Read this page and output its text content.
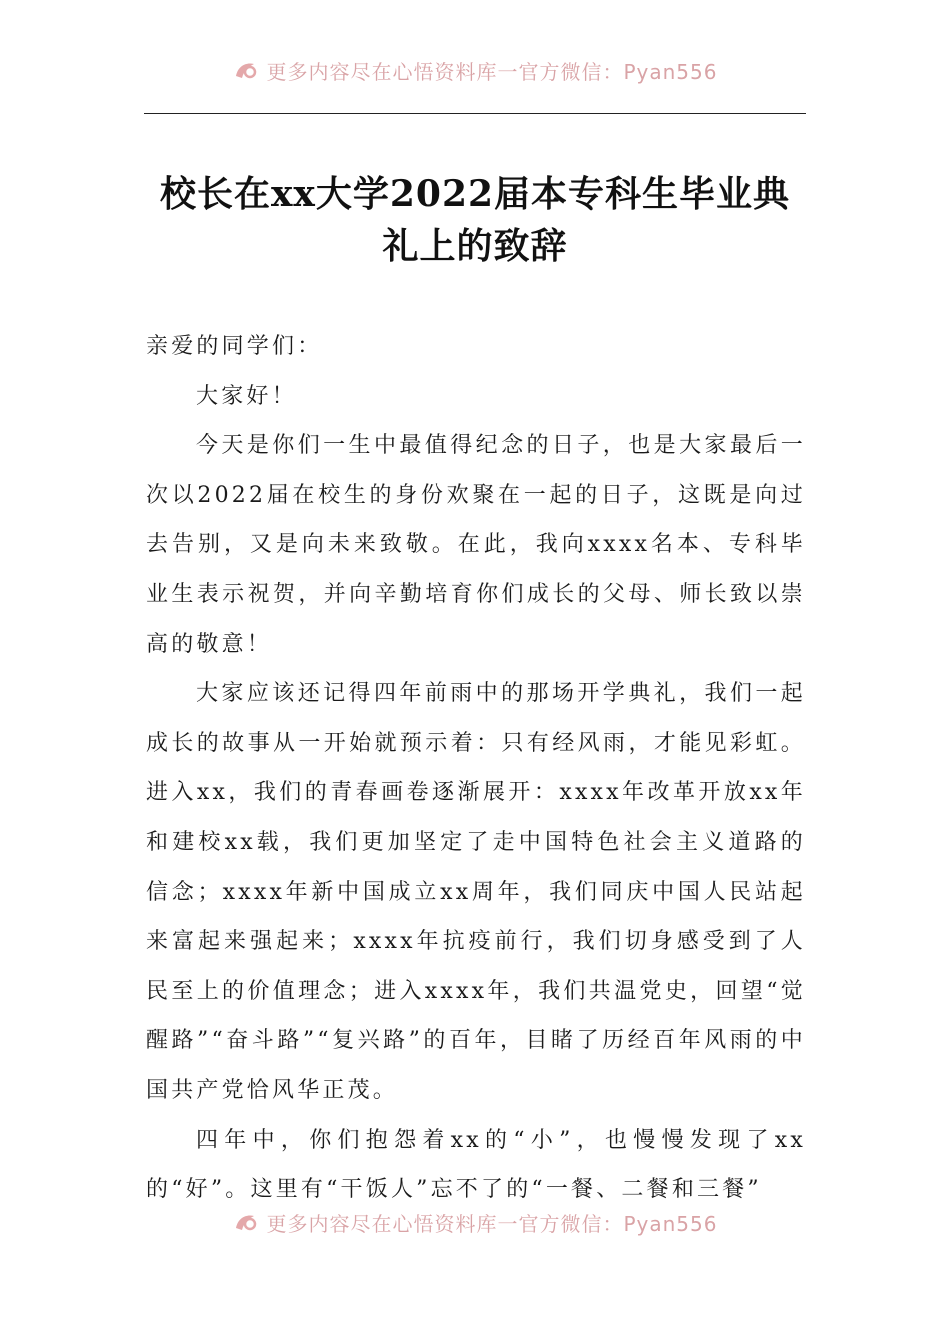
更多内容尽在心悟资料库一官方微信：Pyan556
校长在xx大学2022届本专科生毕业典礼上的致辞

亲爱的同学们：

大家好！

今天是你们一生中最值得纪念的日子，也是大家最后一次以2022届在校生的身份欢聚在一起的日子，这既是向过去告别，又是向未来致敬。在此，我向xxxx名本、专科毕业生表示祝贺，并向辛勤培育你们成长的父母、师长致以崇高的敬意！

大家应该还记得四年前雨中的那场开学典礼，我们一起成长的故事从一开始就预示着：只有经风雨，才能见彩虹。进入xx，我们的青春画卷逐渐展开：xxxx年改革开放xx年和建校xx载，我们更加坚定了走中国特色社会主义道路的信念；xxxx年新中国成立xx周年，我们同庆中国人民站起来富起来强起来；xxxx年抗疫前行，我们切身感受到了人民至上的价值理念；进入xxxx年，我们共温党史，回望“觉醒路”“奋斗路”“复兴路”的百年，目睹了历经百年风雨的中国共产党恰风华正茂。

四年中，你们抱怨着xx的“小”，也慢慢发现了xx的“好”。这里有“干饭人”忘不了的“一餐、二餐和三餐”

更多内容尽在心悟资料库一官方微信：Pyan556
